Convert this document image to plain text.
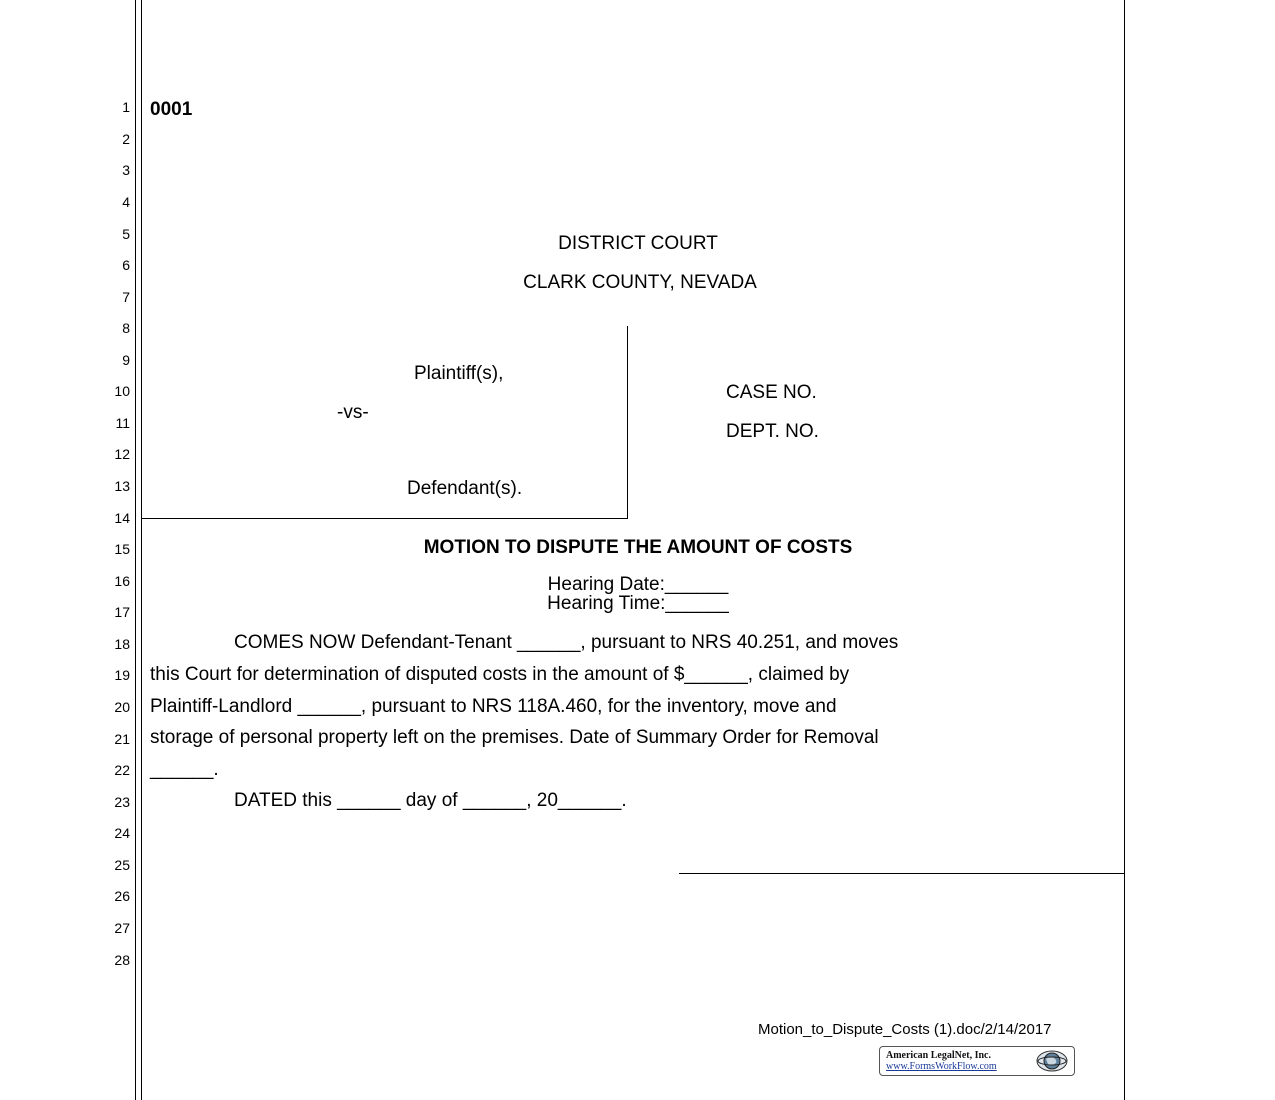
1
2
3
4
5
6
7
8
9
10
11
12
13
14
15
16
17
18
19
20
21
22
23
24
25
26
27
28
0001
DISTRICT COURT
CLARK COUNTY, NEVADA
Plaintiff(s),
-vs-
Defendant(s).
CASE NO.
DEPT. NO.
MOTION TO DISPUTE THE AMOUNT OF COSTS
Hearing Date:______
Hearing Time:______
COMES NOW Defendant-Tenant ______, pursuant to NRS 40.251, and moves
this Court for determination of disputed costs in the amount of $______, claimed by
Plaintiff-Landlord ______, pursuant to NRS 118A.460, for the inventory, move and
storage of personal property left on the premises. Date of Summary Order for Removal
______.
DATED this ______ day of ______, 20______.
Motion_to_Dispute_Costs (1).doc/2/14/2017
American LegalNet, Inc.
www.FormsWorkFlow.com
